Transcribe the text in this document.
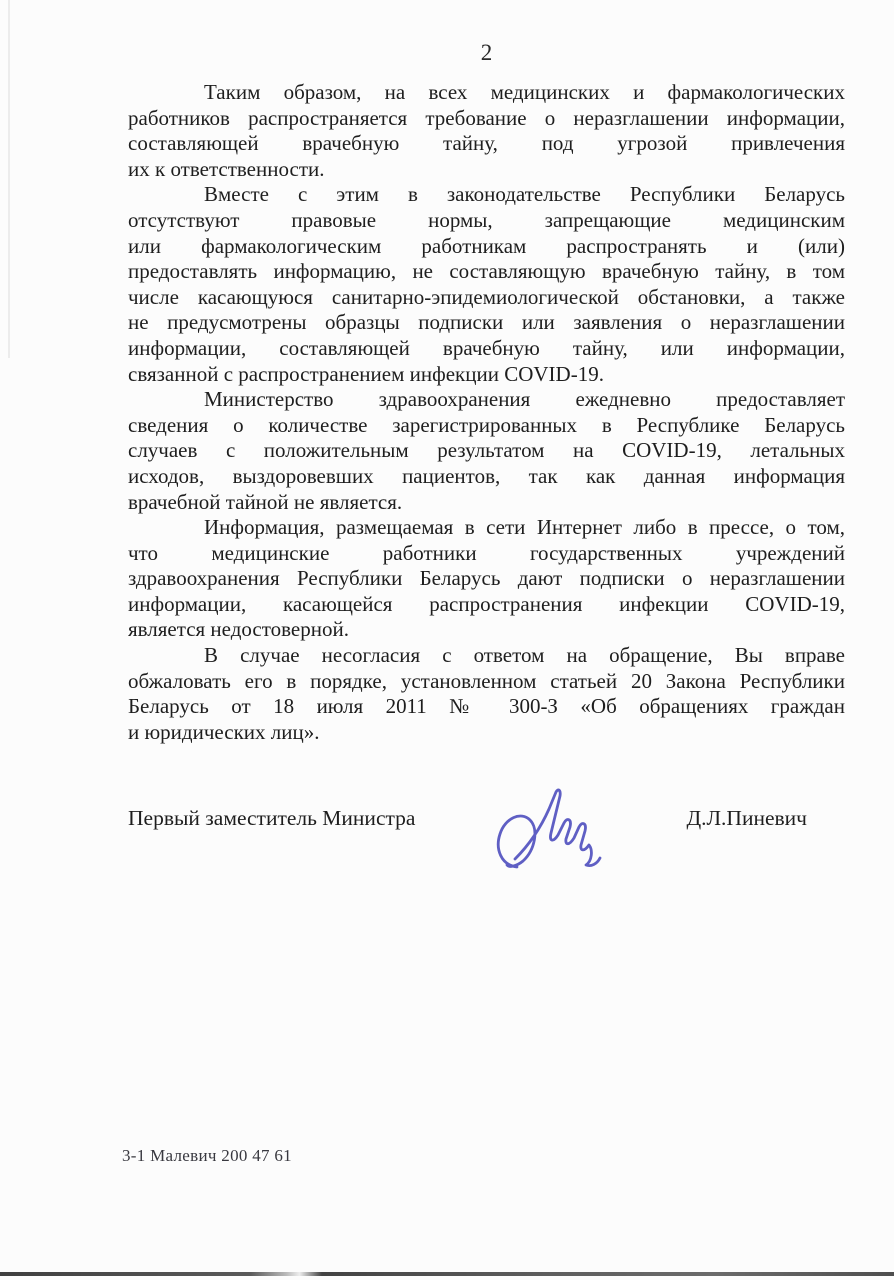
2
Таким образом, на всех медицинских и фармакологических
работников распространяется требование о неразглашении информации,
составляющей врачебную тайну, под угрозой привлечения
их к ответственности.
Вместе с этим в законодательстве Республики Беларусь
отсутствуют правовые нормы, запрещающие медицинским
или фармакологическим работникам распространять и (или)
предоставлять информацию, не составляющую врачебную тайну, в том
числе касающуюся санитарно-эпидемиологической обстановки, а также
не предусмотрены образцы подписки или заявления о неразглашении
информации, составляющей врачебную тайну, или информации,
связанной с распространением инфекции COVID-19.
Министерство здравоохранения ежедневно предоставляет
сведения о количестве зарегистрированных в Республике Беларусь
случаев с положительным результатом на COVID-19, летальных
исходов, выздоровевших пациентов, так как данная информация
врачебной тайной не является.
Информация, размещаемая в сети Интернет либо в прессе, о том,
что медицинские работники государственных учреждений
здравоохранения Республики Беларусь дают подписки о неразглашении
информации, касающейся распространения инфекции COVID-19,
является недостоверной.
В случае несогласия с ответом на обращение, Вы вправе
обжаловать его в порядке, установленном статьей 20 Закона Республики
Беларусь от 18 июля 2011 № 300-З «Об обращениях граждан
и юридических лиц».
Первый заместитель Министра	Д.Л.Пиневич
3-1 Малевич 200 47 61
